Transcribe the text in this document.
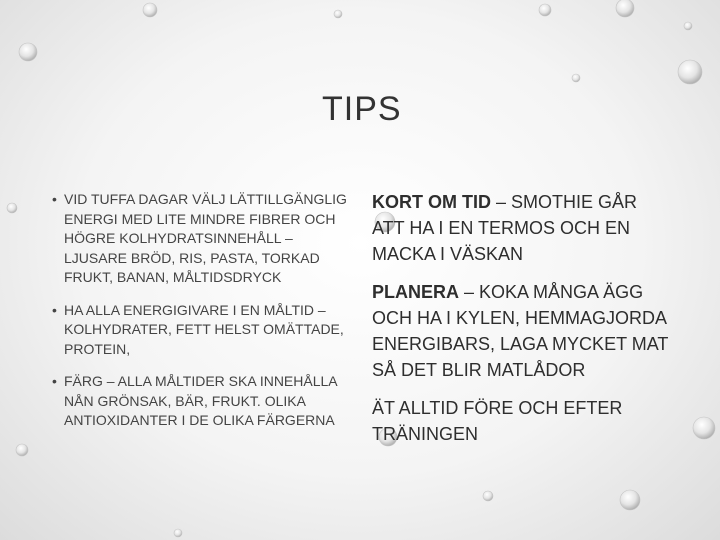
TIPS
• VID TUFFA DAGAR VÄLJ LÄTTILLGÄNGLIG ENERGI MED LITE MINDRE FIBRER OCH HÖGRE KOLHYDRATSINNEHÅLL – LJUSARE BRÖD, RIS, PASTA, TORKAD FRUKT, BANAN, MÅLTIDSDRYCK
• HA ALLA ENERGIGIVARE I EN MÅLTID – KOLHYDRATER, FETT HELST OMÄTTADE, PROTEIN,
• FÄRG – ALLA MÅLTIDER SKA INNEHÅLLA NÅN GRÖNSAK, BÄR, FRUKT. OLIKA ANTIOXIDANTER I DE OLIKA FÄRGERNA
KORT OM TID – SMOTHIE GÅR ATT HA I EN TERMOS OCH EN MACKA I VÄSKAN
PLANERA – KOKA MÅNGA ÄGG OCH HA I KYLEN, HEMMAGJORDA ENERGIBARS, LAGA MYCKET MAT SÅ DET BLIR MATLÅDOR
ÄT ALLTID FÖRE OCH EFTER TRÄNINGEN
